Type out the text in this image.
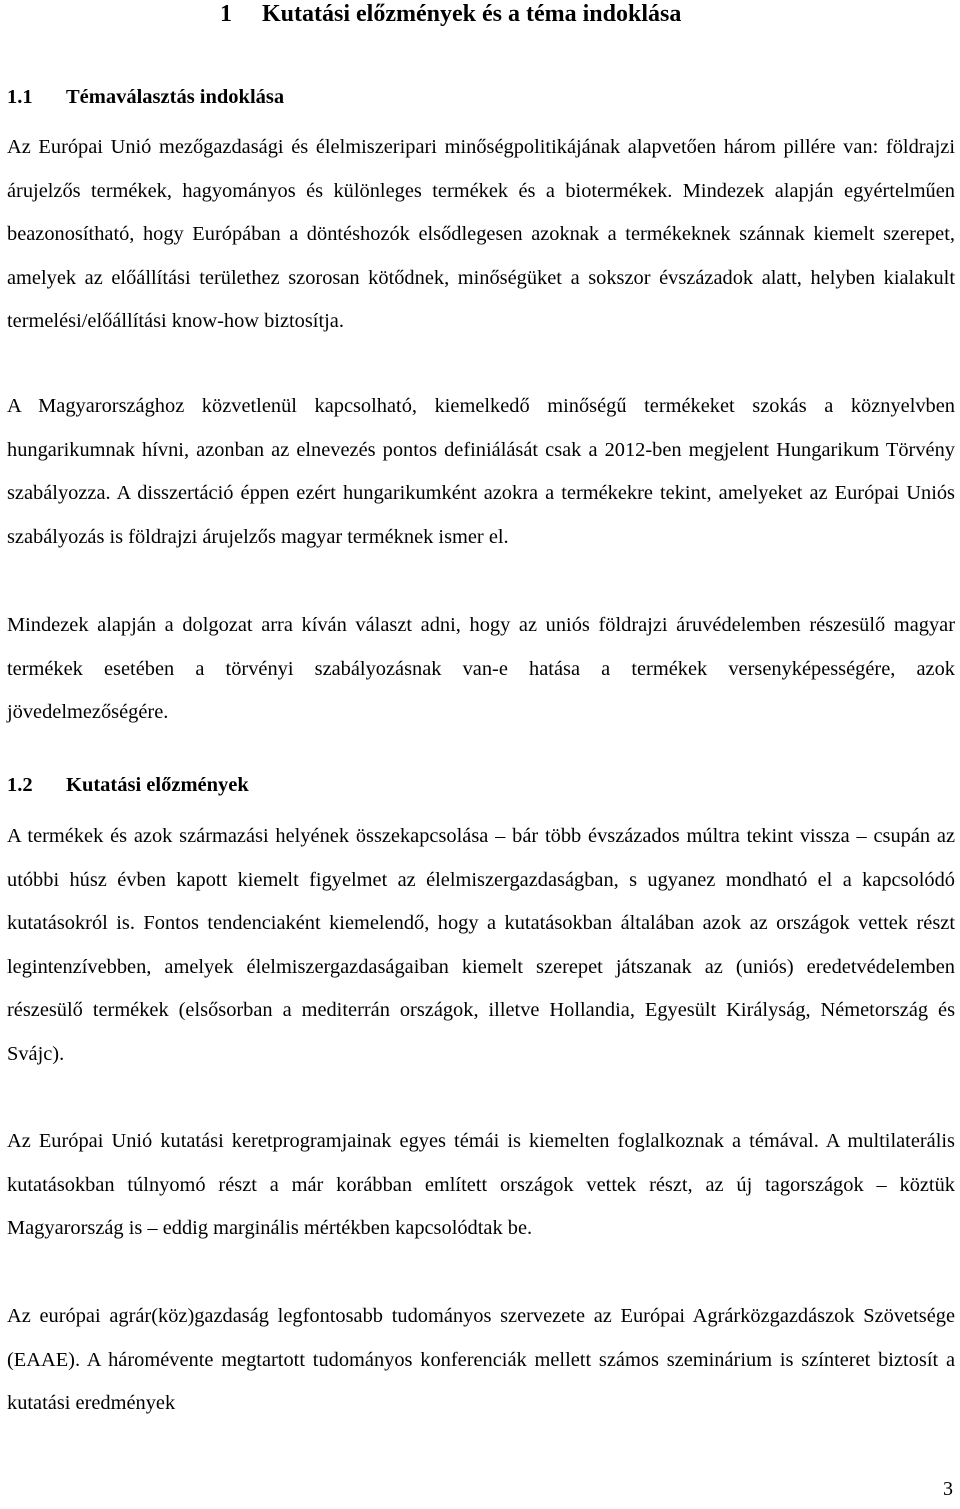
1 Kutatási előzmények és a téma indoklása
1.1 Témaválasztás indoklása

Az Európai Unió mezőgazdasági és élelmiszeripari minőségpolitikájának alapvetően három pillére van: földrajzi árujelzős termékek, hagyományos és különleges termékek és a biotermékek. Mindezek alapján egyértelműen beazonosítható, hogy Európában a döntéshozók elsődlegesen azoknak a termékeknek szánnak kiemelt szerepet, amelyek az előállítási területhez szorosan kötődnek, minőségüket a sokszor évszázadok alatt, helyben kialakult termelési/előállítási know-how biztosítja.

A Magyarországhoz közvetlenül kapcsolható, kiemelkedő minőségű termékeket szokás a köznyelvben hungarikumnak hívni, azonban az elnevezés pontos definiálását csak a 2012-ben megjelent Hungarikum Törvény szabályozza. A disszertáció éppen ezért hungarikumként azokra a termékekre tekint, amelyeket az Európai Uniós szabályozás is földrajzi árujelzős magyar terméknek ismer el.

Mindezek alapján a dolgozat arra kíván választ adni, hogy az uniós földrajzi áruvédelemben részesülő magyar termékek esetében a törvényi szabályozásnak van-e hatása a termékek versenyképességére, azok jövedelmezőségére.

1.2 Kutatási előzmények

A termékek és azok származási helyének összekapcsolása – bár több évszázados múltra tekint vissza – csupán az utóbbi húsz évben kapott kiemelt figyelmet az élelmiszergazdaságban, s ugyanez mondható el a kapcsolódó kutatásokról is. Fontos tendenciaként kiemelendő, hogy a kutatásokban általában azok az országok vettek részt legintenzívebben, amelyek élelmiszergazdaságaiban kiemelt szerepet játszanak az (uniós) eredetvédelemben részesülő termékek (elsősorban a mediterrán országok, illetve Hollandia, Egyesült Királyság, Németország és Svájc).

Az Európai Unió kutatási keretprogramjainak egyes témái is kiemelten foglalkoznak a témával. A multilaterális kutatásokban túlnyomó részt a már korábban említett országok vettek részt, az új tagországok – köztük Magyarország is – eddig marginális mértékben kapcsolódtak be.

Az európai agrár(köz)gazdaság legfontosabb tudományos szervezete az Európai Agrárközgazdászok Szövetsége (EAAE). A háromévente megtartott tudományos konferenciák mellett számos szeminárium is színteret biztosít a kutatási eredmények

3
